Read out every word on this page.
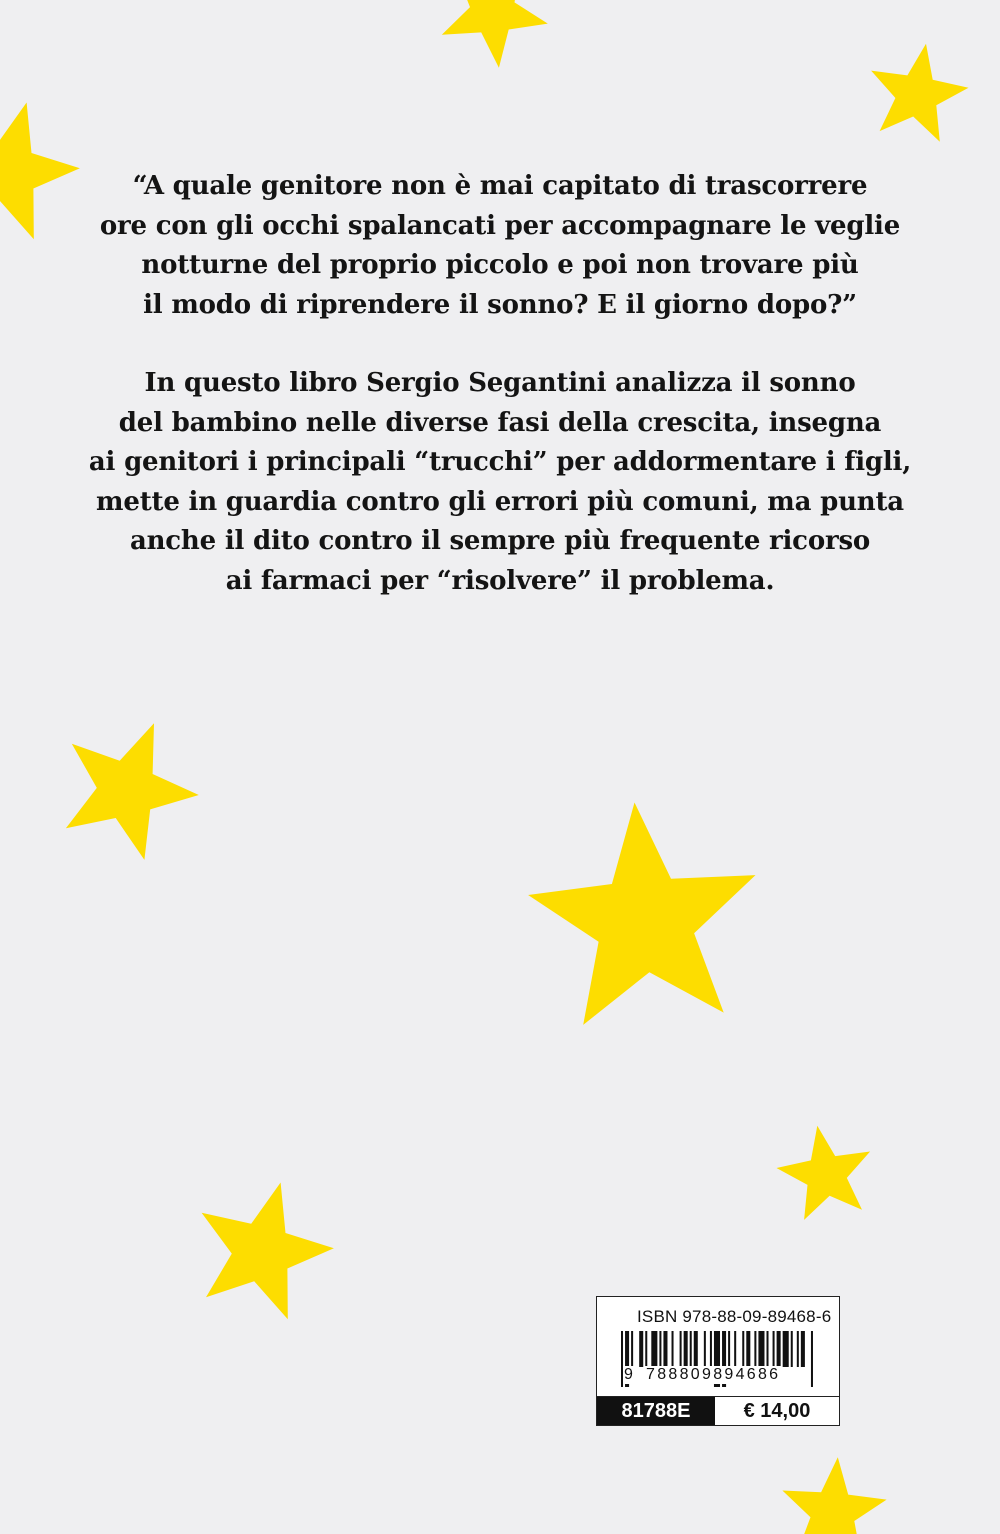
“A quale genitore non è mai capitato di trascorrere
ore con gli occhi spalancati per accompagnare le veglie
notturne del proprio piccolo e poi non trovare più
il modo di riprendere il sonno? E il giorno dopo?”
In questo libro Sergio Segantini analizza il sonno
del bambino nelle diverse fasi della crescita, insegna
ai genitori i principali “trucchi” per addormentare i figli,
mette in guardia contro gli errori più comuni, ma punta
anche il dito contro il sempre più frequente ricorso
ai farmaci per “risolvere” il problema.
ISBN 978-88-09-89468-6
9 788809894686
81788E	€ 14,00
